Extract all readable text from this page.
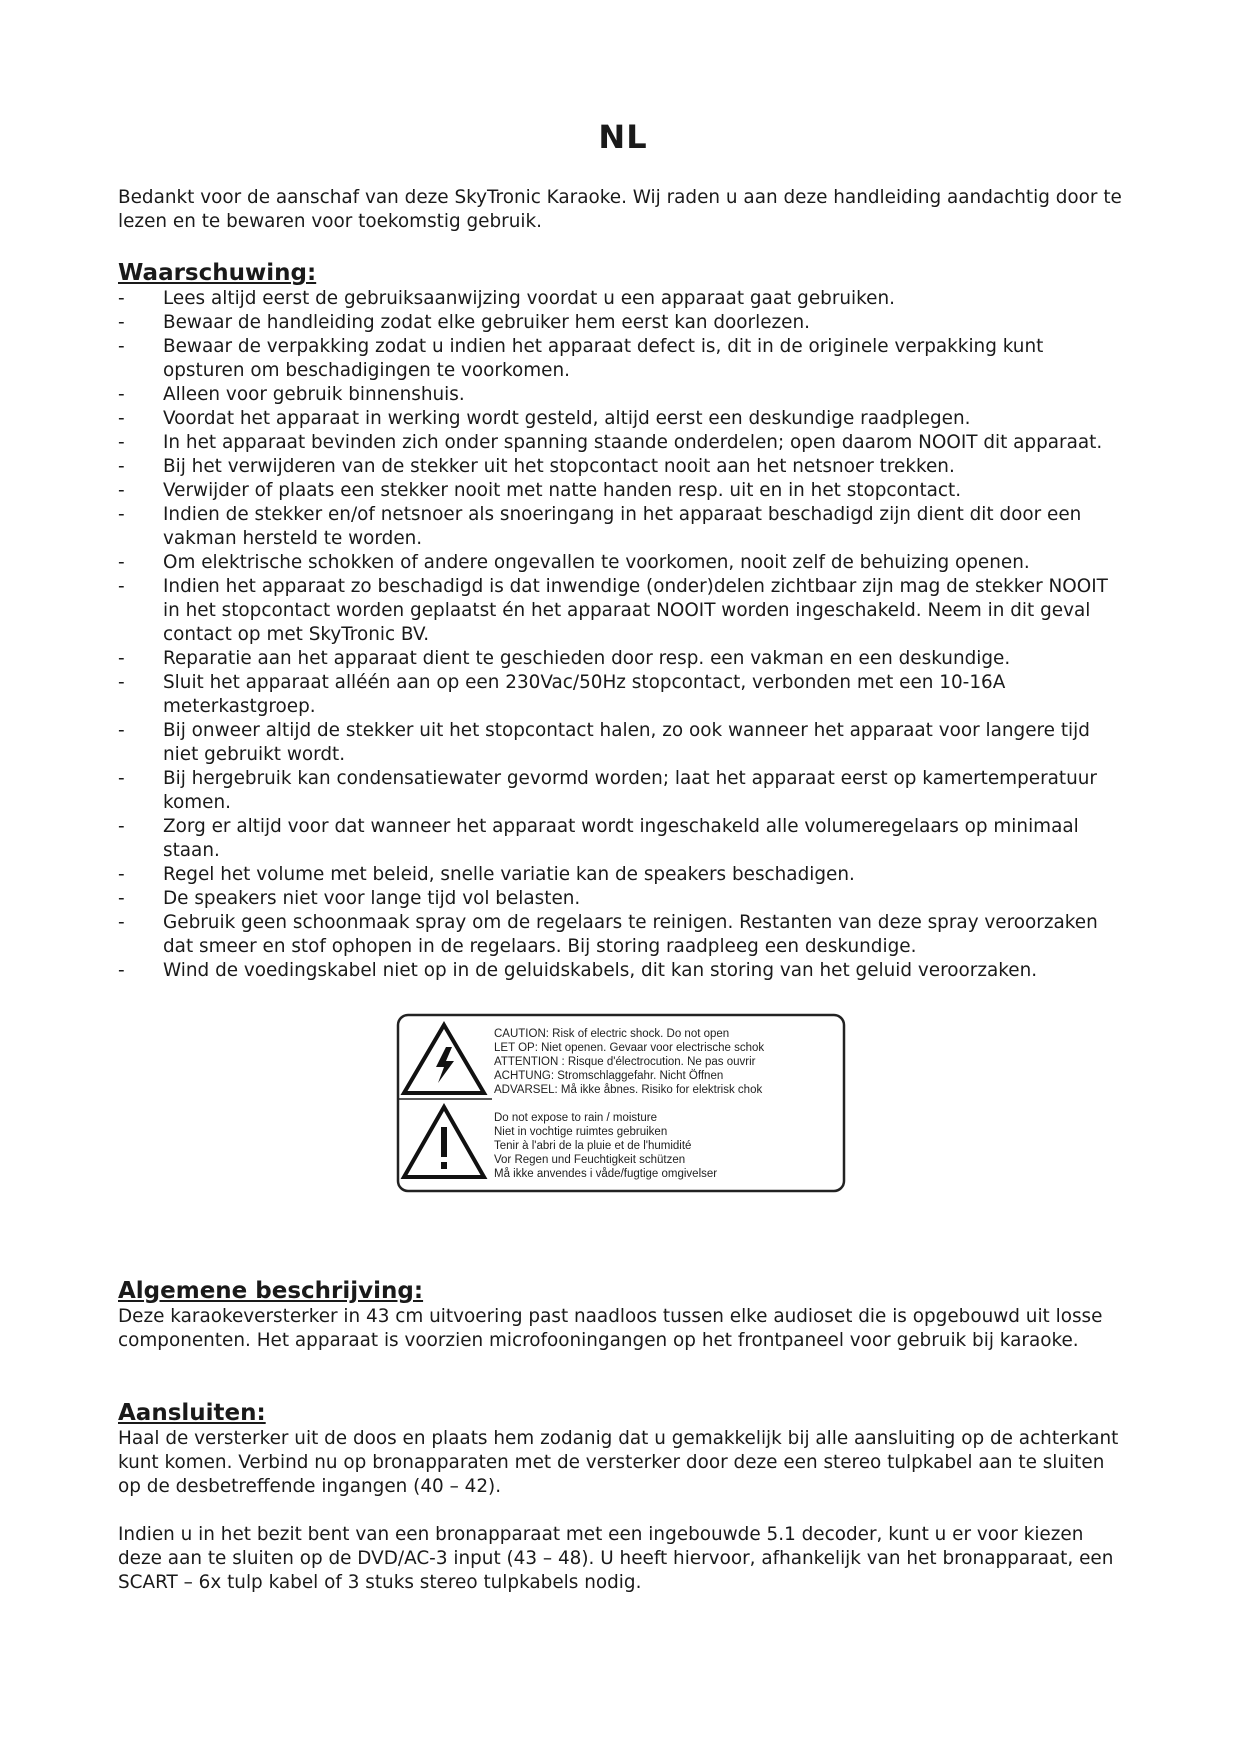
NL

Bedankt voor de aanschaf van deze SkyTronic Karaoke. Wij raden u aan deze handleiding aandachtig door te lezen en te bewaren voor toekomstig gebruik.

Waarschuwing:
- Lees altijd eerst de gebruiksaanwijzing voordat u een apparaat gaat gebruiken.
- Bewaar de handleiding zodat elke gebruiker hem eerst kan doorlezen.
- Bewaar de verpakking zodat u indien het apparaat defect is, dit in de originele verpakking kunt opsturen om beschadigingen te voorkomen.
- Alleen voor gebruik binnenshuis.
- Voordat het apparaat in werking wordt gesteld, altijd eerst een deskundige raadplegen.
- In het apparaat bevinden zich onder spanning staande onderdelen; open daarom NOOIT dit apparaat.
- Bij het verwijderen van de stekker uit het stopcontact nooit aan het netsnoer trekken.
- Verwijder of plaats een stekker nooit met natte handen resp. uit en in het stopcontact.
- Indien de stekker en/of netsnoer als snoeringang in het apparaat beschadigd zijn dient dit door een vakman hersteld te worden.
- Om elektrische schokken of andere ongevallen te voorkomen, nooit zelf de behuizing openen.
- Indien het apparaat zo beschadigd is dat inwendige (onder)delen zichtbaar zijn mag de stekker NOOIT in het stopcontact worden geplaatst én het apparaat NOOIT worden ingeschakeld. Neem in dit geval contact op met SkyTronic BV.
- Reparatie aan het apparaat dient te geschieden door resp. een vakman en een deskundige.
- Sluit het apparaat alléén aan op een 230Vac/50Hz stopcontact, verbonden met een 10-16A meterkastgroep.
- Bij onweer altijd de stekker uit het stopcontact halen, zo ook wanneer het apparaat voor langere tijd niet gebruikt wordt.
- Bij hergebruik kan condensatiewater gevormd worden; laat het apparaat eerst op kamertemperatuur komen.
- Zorg er altijd voor dat wanneer het apparaat wordt ingeschakeld alle volumeregelaars op minimaal staan.
- Regel het volume met beleid, snelle variatie kan de speakers beschadigen.
- De speakers niet voor lange tijd vol belasten.
- Gebruik geen schoonmaak spray om de regelaars te reinigen. Restanten van deze spray veroorzaken dat smeer en stof ophopen in de regelaars. Bij storing raadpleeg een deskundige.
- Wind de voedingskabel niet op in de geluidskabels, dit kan storing van het geluid veroorzaken.
CAUTION: Risk of electric shock. Do not open
LET OP: Niet openen. Gevaar voor electrische schok
ATTENTION : Risque d'électrocution. Ne pas ouvrir
ACHTUNG: Stromschlaggefahr. Nicht Öffnen
ADVARSEL: Må ikke åbnes. Risiko for elektrisk chok
Do not expose to rain / moisture
Niet in vochtige ruimtes gebruiken
Tenir à l'abri de la pluie et de l'humidité
Vor Regen und Feuchtigkeit schützen
Må ikke anvendes i våde/fugtige omgivelser
Algemene beschrijving:

Deze karaokeversterker in 43 cm uitvoering past naadloos tussen elke audioset die is opgebouwd uit losse componenten. Het apparaat is voorzien microfooningangen op het frontpaneel voor gebruik bij karaoke.

Aansluiten:

Haal de versterker uit de doos en plaats hem zodanig dat u gemakkelijk bij alle aansluiting op de achterkant kunt komen. Verbind nu op bronapparaten met de versterker door deze een stereo tulpkabel aan te sluiten op de desbetreffende ingangen (40 – 42).

Indien u in het bezit bent van een bronapparaat met een ingebouwde 5.1 decoder, kunt u er voor kiezen deze aan te sluiten op de DVD/AC-3 input (43 – 48). U heeft hiervoor, afhankelijk van het bronapparaat, een SCART – 6x tulp kabel of 3 stuks stereo tulpkabels nodig.
